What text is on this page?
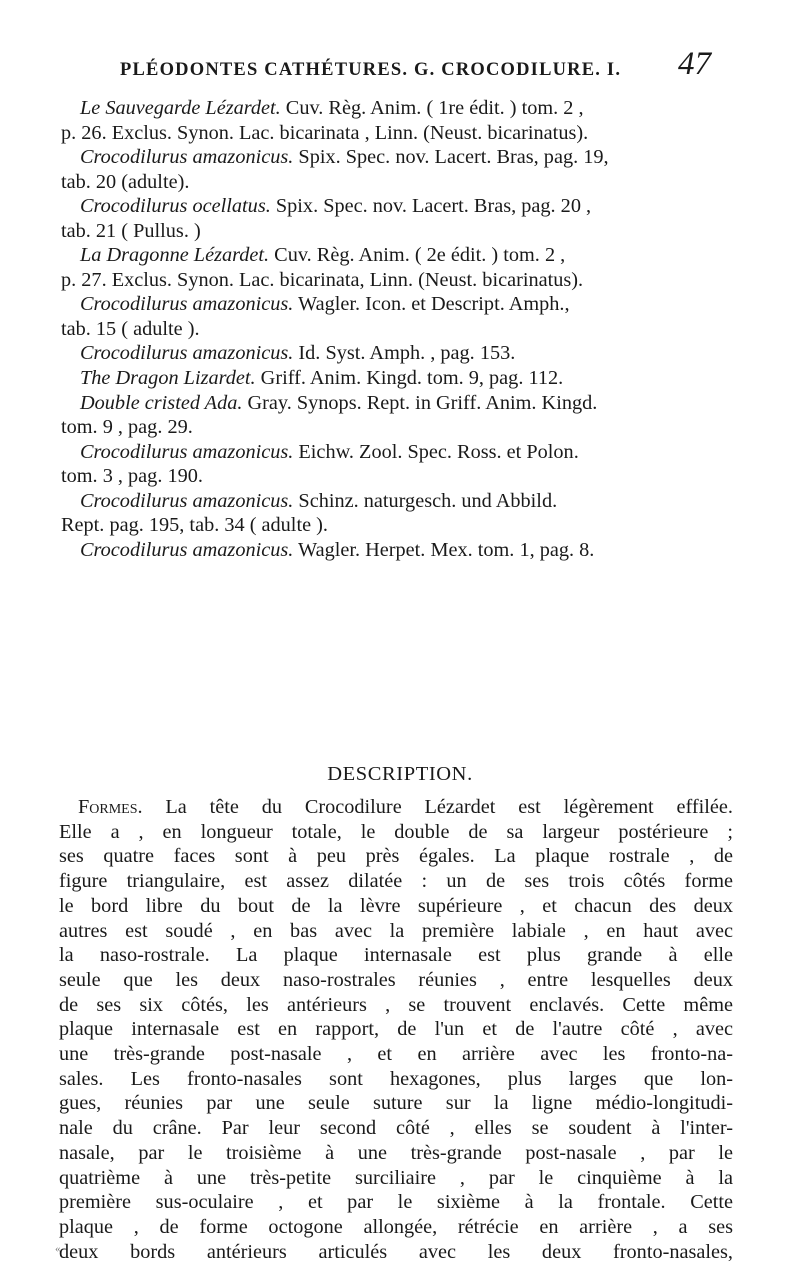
PLÉODONTES CATHÉTURES. G. CROCODILURE. I.	47

Le Sauvegarde Lézardet. Cuv. Règ. Anim. ( 1re édit. ) tom. 2 ,
p. 26. Exclus. Synon. Lac. bicarinata , Linn. (Neust. bicarinatus).

Crocodilurus amazonicus. Spix. Spec. nov. Lacert. Bras, pag. 19,
tab. 20 (adulte).

Crocodilurus ocellatus. Spix. Spec. nov. Lacert. Bras, pag. 20 ,
tab. 21 ( Pullus. )

La Dragonne Lézardet. Cuv. Règ. Anim. ( 2e édit. ) tom. 2 ,
p. 27. Exclus. Synon. Lac. bicarinata, Linn. (Neust. bicarinatus).

Crocodilurus amazonicus. Wagler. Icon. et Descript. Amph.,
tab. 15 ( adulte ).

Crocodilurus amazonicus. Id. Syst. Amph. , pag. 153.

The Dragon Lizardet. Griff. Anim. Kingd. tom. 9, pag. 112.

Double cristed Ada. Gray. Synops. Rept. in Griff. Anim. Kingd.
tom. 9 , pag. 29.

Crocodilurus amazonicus. Eichw. Zool. Spec. Ross. et Polon.
tom. 3 , pag. 190.

Crocodilurus amazonicus. Schinz. naturgesch. und Abbild.
Rept. pag. 195, tab. 34 ( adulte ).

Crocodilurus amazonicus. Wagler. Herpet. Mex. tom. 1, pag. 8.

DESCRIPTION.
Formes. La tête du Crocodilure Lézardet est légèrement effilée.
Elle a , en longueur totale, le double de sa largeur postérieure ;
ses quatre faces sont à peu près égales. La plaque rostrale , de
figure triangulaire, est assez dilatée : un de ses trois côtés forme
le bord libre du bout de la lèvre supérieure , et chacun des deux
autres est soudé , en bas avec la première labiale , en haut avec
la naso-rostrale. La plaque internasale est plus grande à elle
seule que les deux naso-rostrales réunies , entre lesquelles deux
de ses six côtés, les antérieurs , se trouvent enclavés. Cette même
plaque internasale est en rapport, de l'un et de l'autre côté , avec
une très-grande post-nasale , et en arrière avec les fronto-na-
sales. Les fronto-nasales sont hexagones, plus larges que lon-
gues, réunies par une seule suture sur la ligne médio-longitudi-
nale du crâne. Par leur second côté , elles se soudent à l'inter-
nasale, par le troisième à une très-grande post-nasale , par le
quatrième à une très-petite surciliaire , par le cinquième à la
première sus-oculaire , et par le sixième à la frontale. Cette
plaque , de forme octogone allongée, rétrécie en arrière , a ses
deux bords antérieurs articulés avec les deux fronto-nasales,
«
